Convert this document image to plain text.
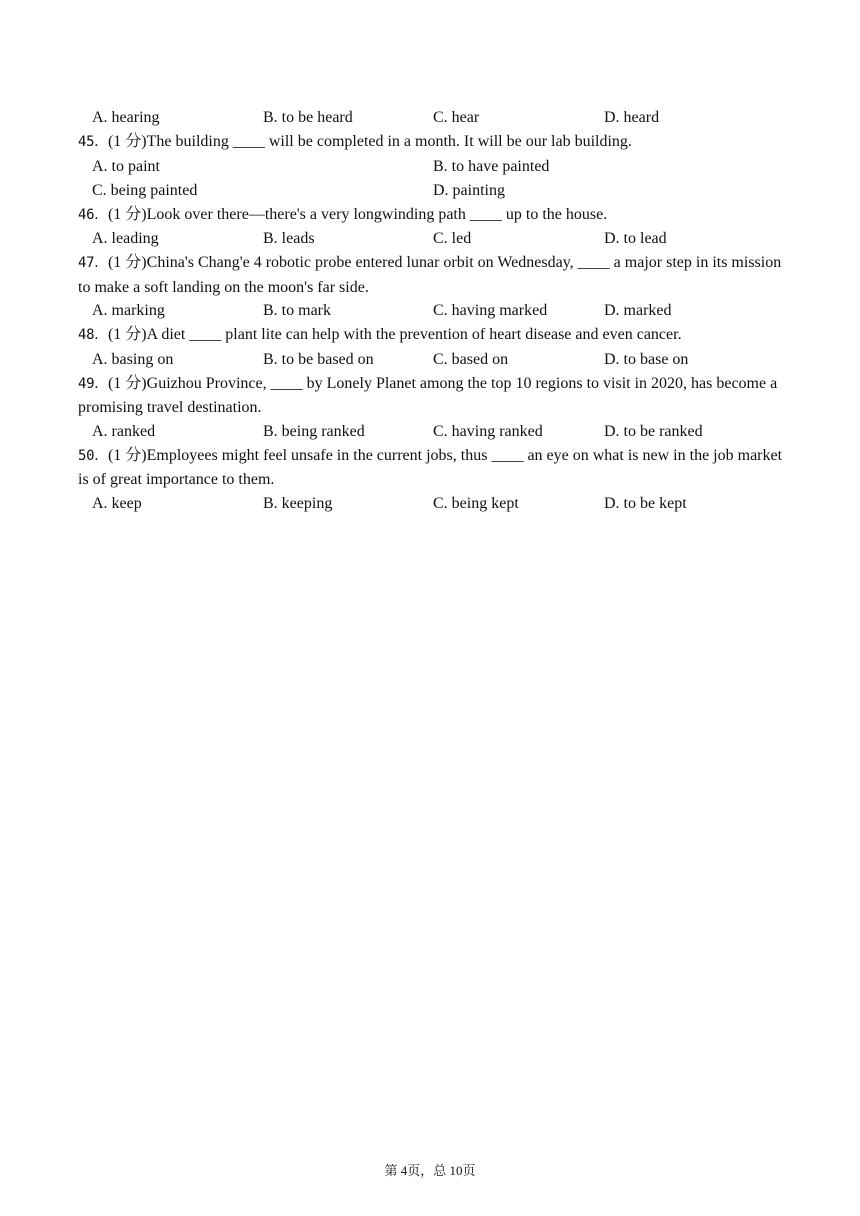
A. hearing	B. to be heard	C. hear	D. heard
45．(1 分)The building ____ will be completed in a month. It will be our lab building.
A. to paint	B. to have painted
C. being painted	D. painting
46．(1 分)Look over there—there's a very longwinding path ____ up to the house.
A. leading	B. leads	C. led	D. to lead
47．(1 分)China's Chang'e 4 robotic probe entered lunar orbit on Wednesday, ____ a major step in its mission to make a soft landing on the moon's far side.
A. marking	B. to mark	C. having marked	D. marked
48．(1 分)A diet ____ plant lite can help with the prevention of heart disease and even cancer.
A. basing on	B. to be based on	C. based on	D. to base on
49．(1 分)Guizhou Province, ____ by Lonely Planet among the top 10 regions to visit in 2020, has become a promising travel destination.
A. ranked	B. being ranked	C. having ranked	D. to be ranked
50．(1 分)Employees might feel unsafe in the current jobs, thus ____ an eye on what is new in the job market is of great importance to them.
A. keep	B. keeping	C. being kept	D. to be kept
第 4页，总 10页
